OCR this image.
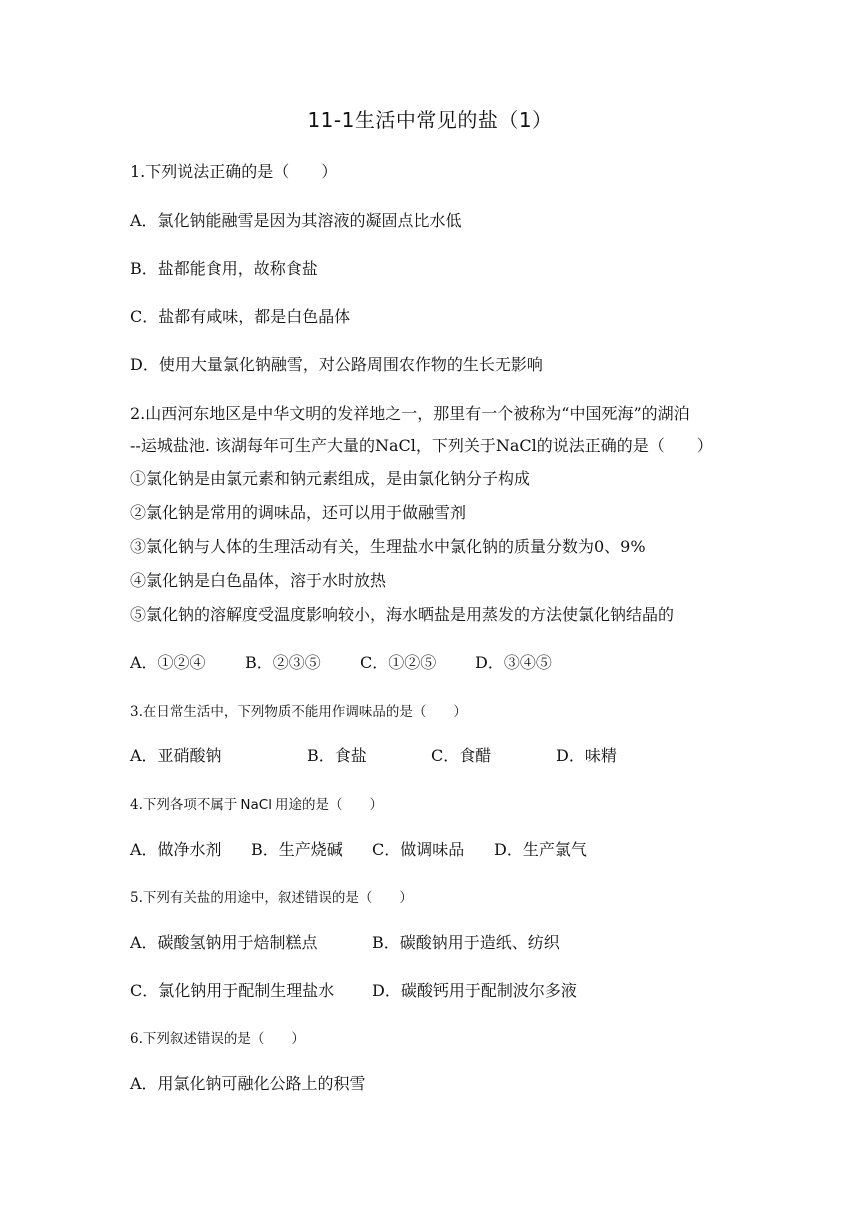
11-1生活中常见的盐（1）
1.下列说法正确的是（　　）
A．氯化钠能融雪是因为其溶液的凝固点比水低
B．盐都能食用，故称食盐
C．盐都有咸味，都是白色晶体
D．使用大量氯化钠融雪，对公路周围农作物的生长无影响
2.山西河东地区是中华文明的发祥地之一，那里有一个被称为“中国死海”的湖泊
--运城盐池. 该湖每年可生产大量的NaCl，下列关于NaCl的说法正确的是（　　）
①氯化钠是由氯元素和钠元素组成，是由氯化钠分子构成
②氯化钠是常用的调味品，还可以用于做融雪剂
③氯化钠与人体的生理活动有关，生理盐水中氯化钠的质量分数为0、9%
④氯化钠是白色晶体，溶于水时放热
⑤氯化钠的溶解度受温度影响较小，海水晒盐是用蒸发的方法使氯化钠结晶的
A．①②④ B．②③⑤ C．①②⑤ D．③④⑤
3.在日常生活中，下列物质不能用作调味品的是（　　）
A．亚硝酸钠	B．食盐	C．食醋	D．味精
4.下列各项不属于 NaCl 用途的是（　　）
A．做净水剂 B．生产烧碱 C．做调味品 D．生产氯气
5.下列有关盐的用途中，叙述错误的是（　　）
A．碳酸氢钠用于焙制糕点	B．碳酸钠用于造纸、纺织
C．氯化钠用于配制生理盐水 D．碳酸钙用于配制波尔多液
6.下列叙述错误的是（　　）
A．用氯化钠可融化公路上的积雪
